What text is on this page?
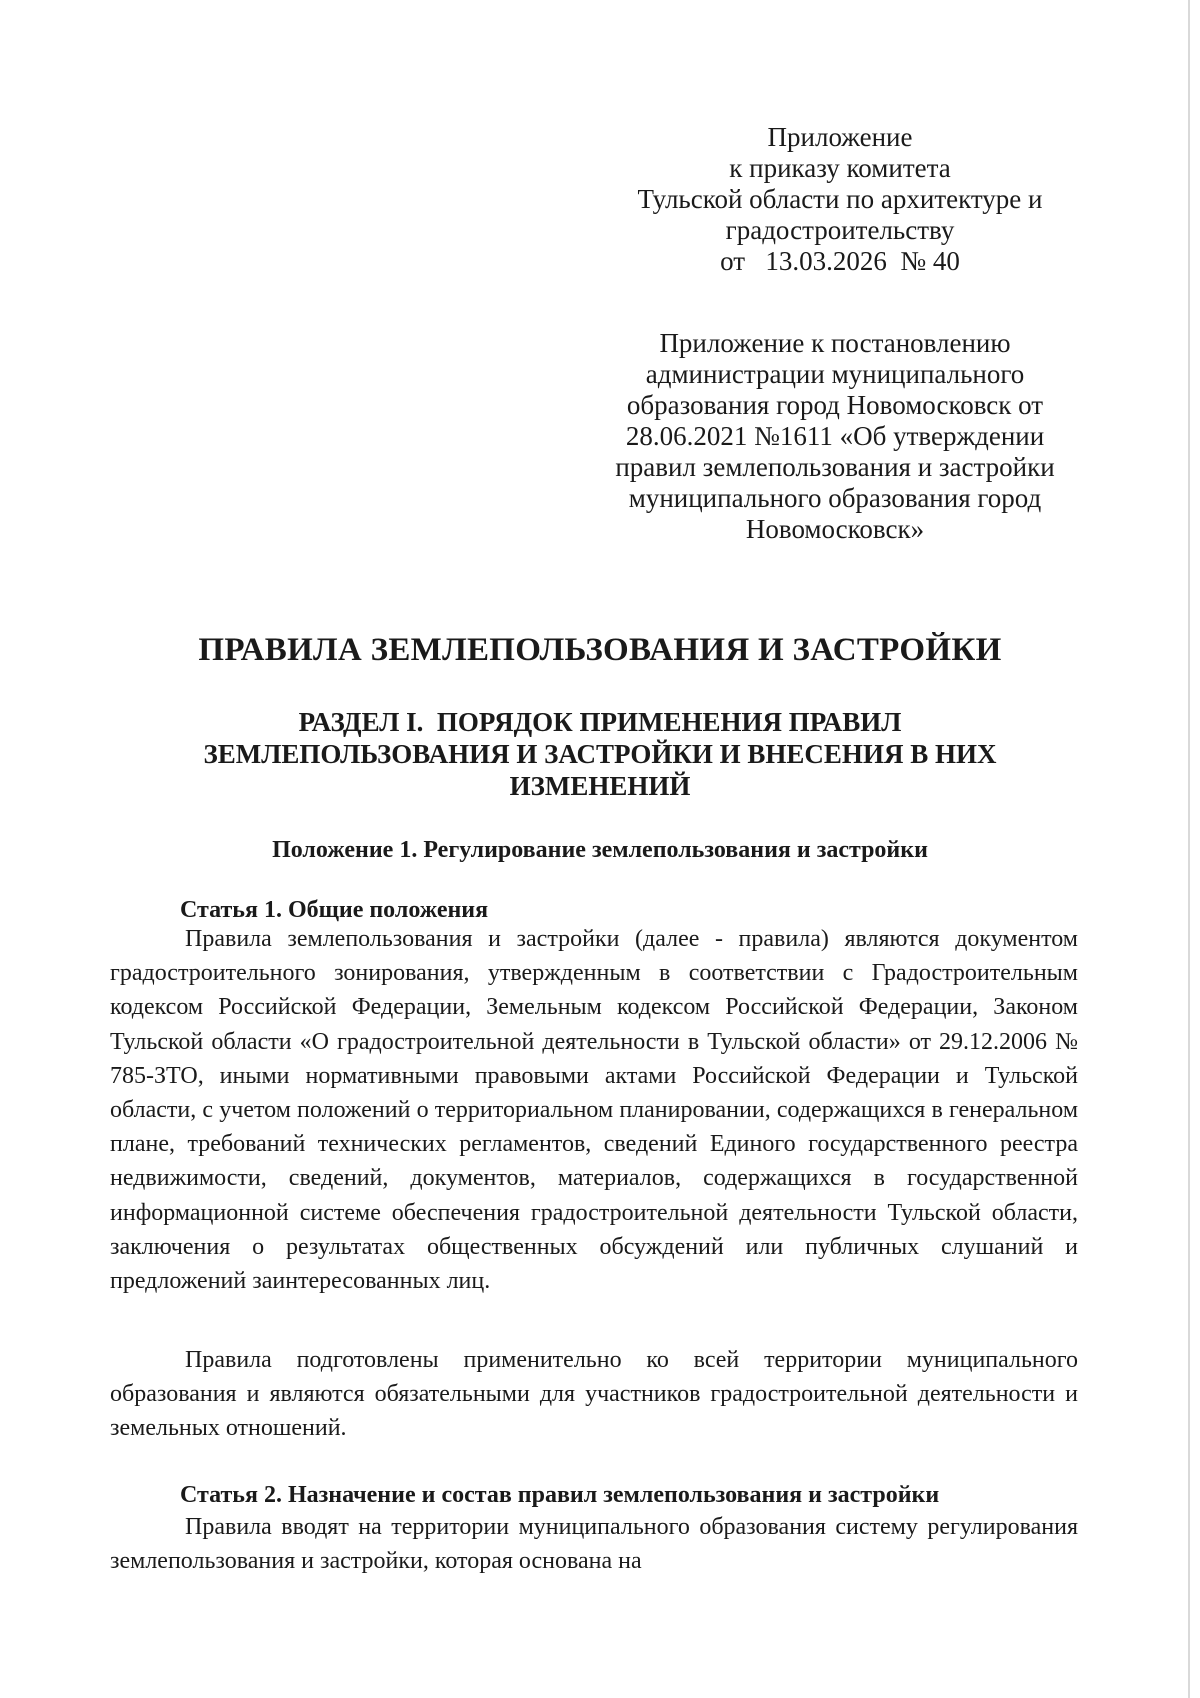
Приложение
к приказу комитета
Тульской области по архитектуре и
градостроительству
от   13.03.2026  № 40
Приложение к постановлению
администрации муниципального
образования город Новомосковск от
28.06.2021 №1611 «Об утверждении
правил землепользования и застройки
муниципального образования город
Новомосковск»
ПРАВИЛА ЗЕМЛЕПОЛЬЗОВАНИЯ И ЗАСТРОЙКИ
РАЗДЕЛ I.  ПОРЯДОК ПРИМЕНЕНИЯ ПРАВИЛ
ЗЕМЛЕПОЛЬЗОВАНИЯ И ЗАСТРОЙКИ И ВНЕСЕНИЯ В НИХ
ИЗМЕНЕНИЙ
Положение 1. Регулирование землепользования и застройки
Статья 1. Общие положения
Правила землепользования и застройки (далее - правила) являются документом градостроительного зонирования, утвержденным в соответствии с Градостроительным кодексом Российской Федерации, Земельным кодексом Российской Федерации, Законом Тульской области «О градостроительной деятельности в Тульской области» от 29.12.2006 № 785-ЗТО, иными нормативными правовыми актами Российской Федерации и Тульской области, с учетом положений о территориальном планировании, содержащихся в генеральном плане, требований технических регламентов, сведений Единого государственного реестра недвижимости, сведений, документов, материалов, содержащихся в государственной информационной системе обеспечения градостроительной деятельности Тульской области, заключения о результатах общественных обсуждений или публичных слушаний и предложений заинтересованных лиц.
Правила подготовлены применительно ко всей территории муниципального образования и являются обязательными для участников градостроительной деятельности и земельных отношений.
Статья 2. Назначение и состав правил землепользования и застройки
Правила вводят на территории муниципального образования систему регулирования землепользования и застройки, которая основана на
